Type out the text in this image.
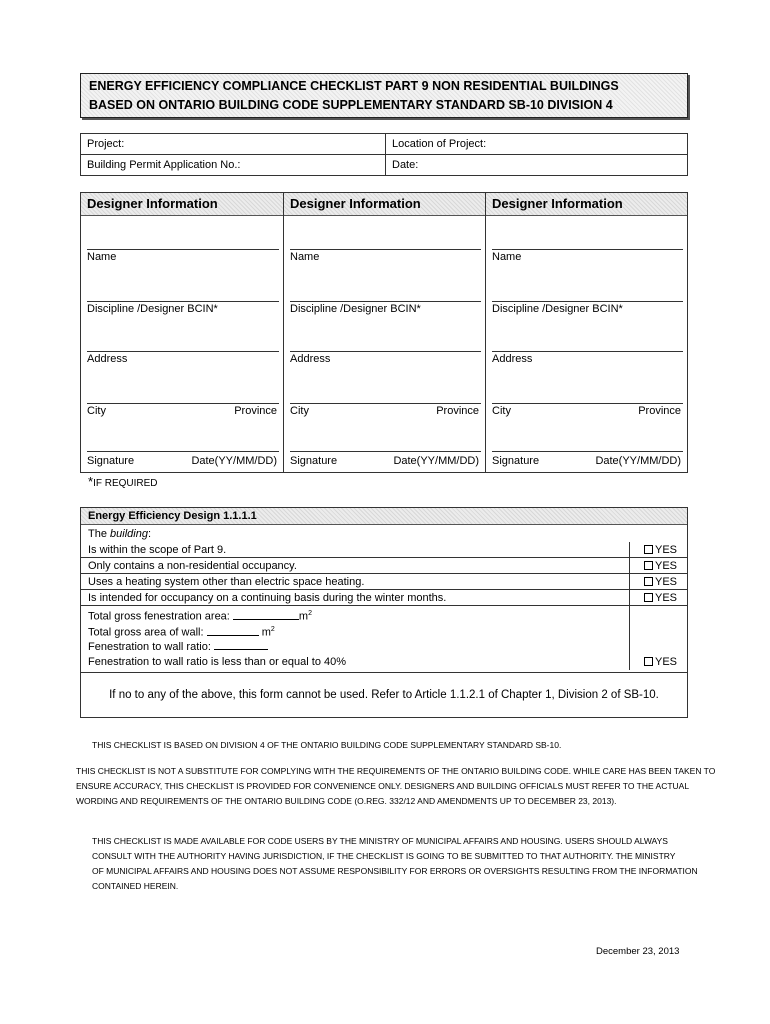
ENERGY EFFICIENCY COMPLIANCE CHECKLIST PART 9 NON RESIDENTIAL BUILDINGS
BASED ON ONTARIO BUILDING CODE SUPPLEMENTARY STANDARD SB-10 DIVISION 4
Project:	Location of Project:
Building Permit Application No.:	Date:
Designer Information
Name
Discipline /Designer BCIN*
Address
City	Province
Signature	Date(YY/MM/DD)
Designer Information
Name
Discipline /Designer BCIN*
Address
City	Province
Signature	Date(YY/MM/DD)
Designer Information
Name
Discipline /Designer BCIN*
Address
City	Province
Signature	Date(YY/MM/DD)
*IF REQUIRED
Energy Efficiency Design 1.1.1.1
The building:
Is within the scope of Part 9.	YES
Only contains a non-residential occupancy.	YES
Uses a heating system other than electric space heating.	YES
Is intended for occupancy on a continuing basis during the winter months.	YES
Total gross fenestration area:	$m^2$
Total gross area of wall:	$m^2$
Fenestration to wall ratio:
Fenestration to wall ratio is less than or equal to 40%	YES
If no to any of the above, this form cannot be used. Refer to Article 1.1.2.1 of Chapter 1, Division 2 of SB-10.
THIS CHECKLIST IS BASED ON DIVISION 4 OF THE ONTARIO BUILDING CODE SUPPLEMENTARY STANDARD SB-10.
THIS CHECKLIST IS NOT A SUBSTITUTE FOR COMPLYING WITH THE REQUIREMENTS OF THE ONTARIO BUILDING CODE. WHILE CARE HAS BEEN TAKEN TO
ENSURE ACCURACY, THIS CHECKLIST IS PROVIDED FOR CONVENIENCE ONLY. DESIGNERS AND BUILDING OFFICIALS MUST REFER TO THE ACTUAL
WORDING AND REQUIREMENTS OF THE ONTARIO BUILDING CODE (O.REG. 332/12 AND AMENDMENTS UP TO DECEMBER 23, 2013).
THIS CHECKLIST IS MADE AVAILABLE FOR CODE USERS BY THE MINISTRY OF MUNICIPAL AFFAIRS AND HOUSING. USERS SHOULD ALWAYS
CONSULT WITH THE AUTHORITY HAVING JURISDICTION, IF THE CHECKLIST IS GOING TO BE SUBMITTED TO THAT AUTHORITY. THE MINISTRY
OF MUNICIPAL AFFAIRS AND HOUSING DOES NOT ASSUME RESPONSIBILITY FOR ERRORS OR OVERSIGHTS RESULTING FROM THE INFORMATION
CONTAINED HEREIN.
December 23, 2013
